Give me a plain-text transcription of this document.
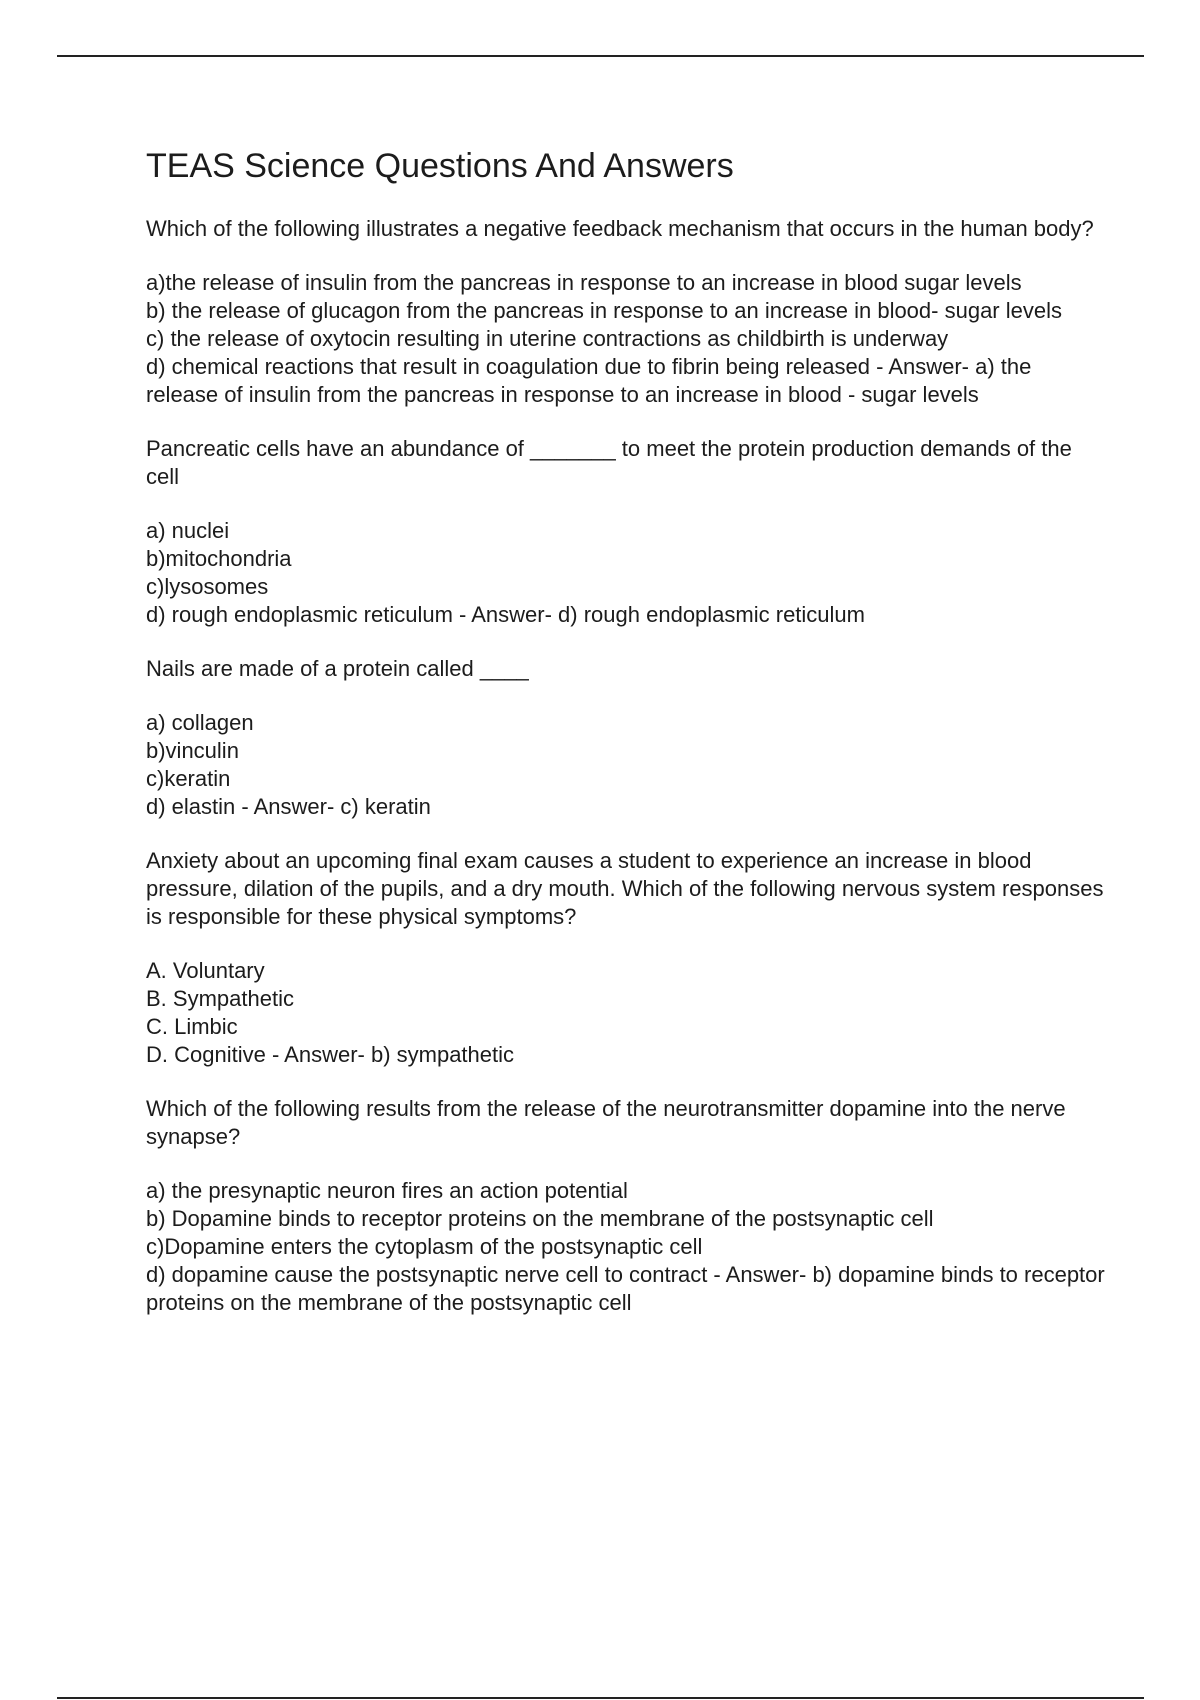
TEAS Science Questions And Answers

Which of the following illustrates a negative feedback mechanism that occurs in the human body?

a)the release of insulin from the pancreas in response to an increase in blood sugar levels
b) the release of glucagon from the pancreas in response to an increase in blood- sugar levels
c) the release of oxytocin resulting in uterine contractions as childbirth is underway
d) chemical reactions that result in coagulation due to fibrin being released - Answer- a) the release of insulin from the pancreas in response to an increase in blood - sugar levels

Pancreatic cells have an abundance of _______ to meet the protein production demands of the cell

a) nuclei
b)mitochondria
c)lysosomes
d) rough endoplasmic reticulum - Answer- d) rough endoplasmic reticulum

Nails are made of a protein called ____

a) collagen
b)vinculin
c)keratin
d) elastin - Answer- c) keratin

Anxiety about an upcoming final exam causes a student to experience an increase in blood pressure, dilation of the pupils, and a dry mouth. Which of the following nervous system responses is responsible for these physical symptoms?

A. Voluntary
B. Sympathetic
C. Limbic
D. Cognitive - Answer- b) sympathetic

Which of the following results from the release of the neurotransmitter dopamine into the nerve synapse?

a) the presynaptic neuron fires an action potential
b) Dopamine binds to receptor proteins on the membrane of the postsynaptic cell
c)Dopamine enters the cytoplasm of the postsynaptic cell
d) dopamine cause the postsynaptic nerve cell to contract - Answer- b) dopamine binds to receptor proteins on the membrane of the postsynaptic cell
